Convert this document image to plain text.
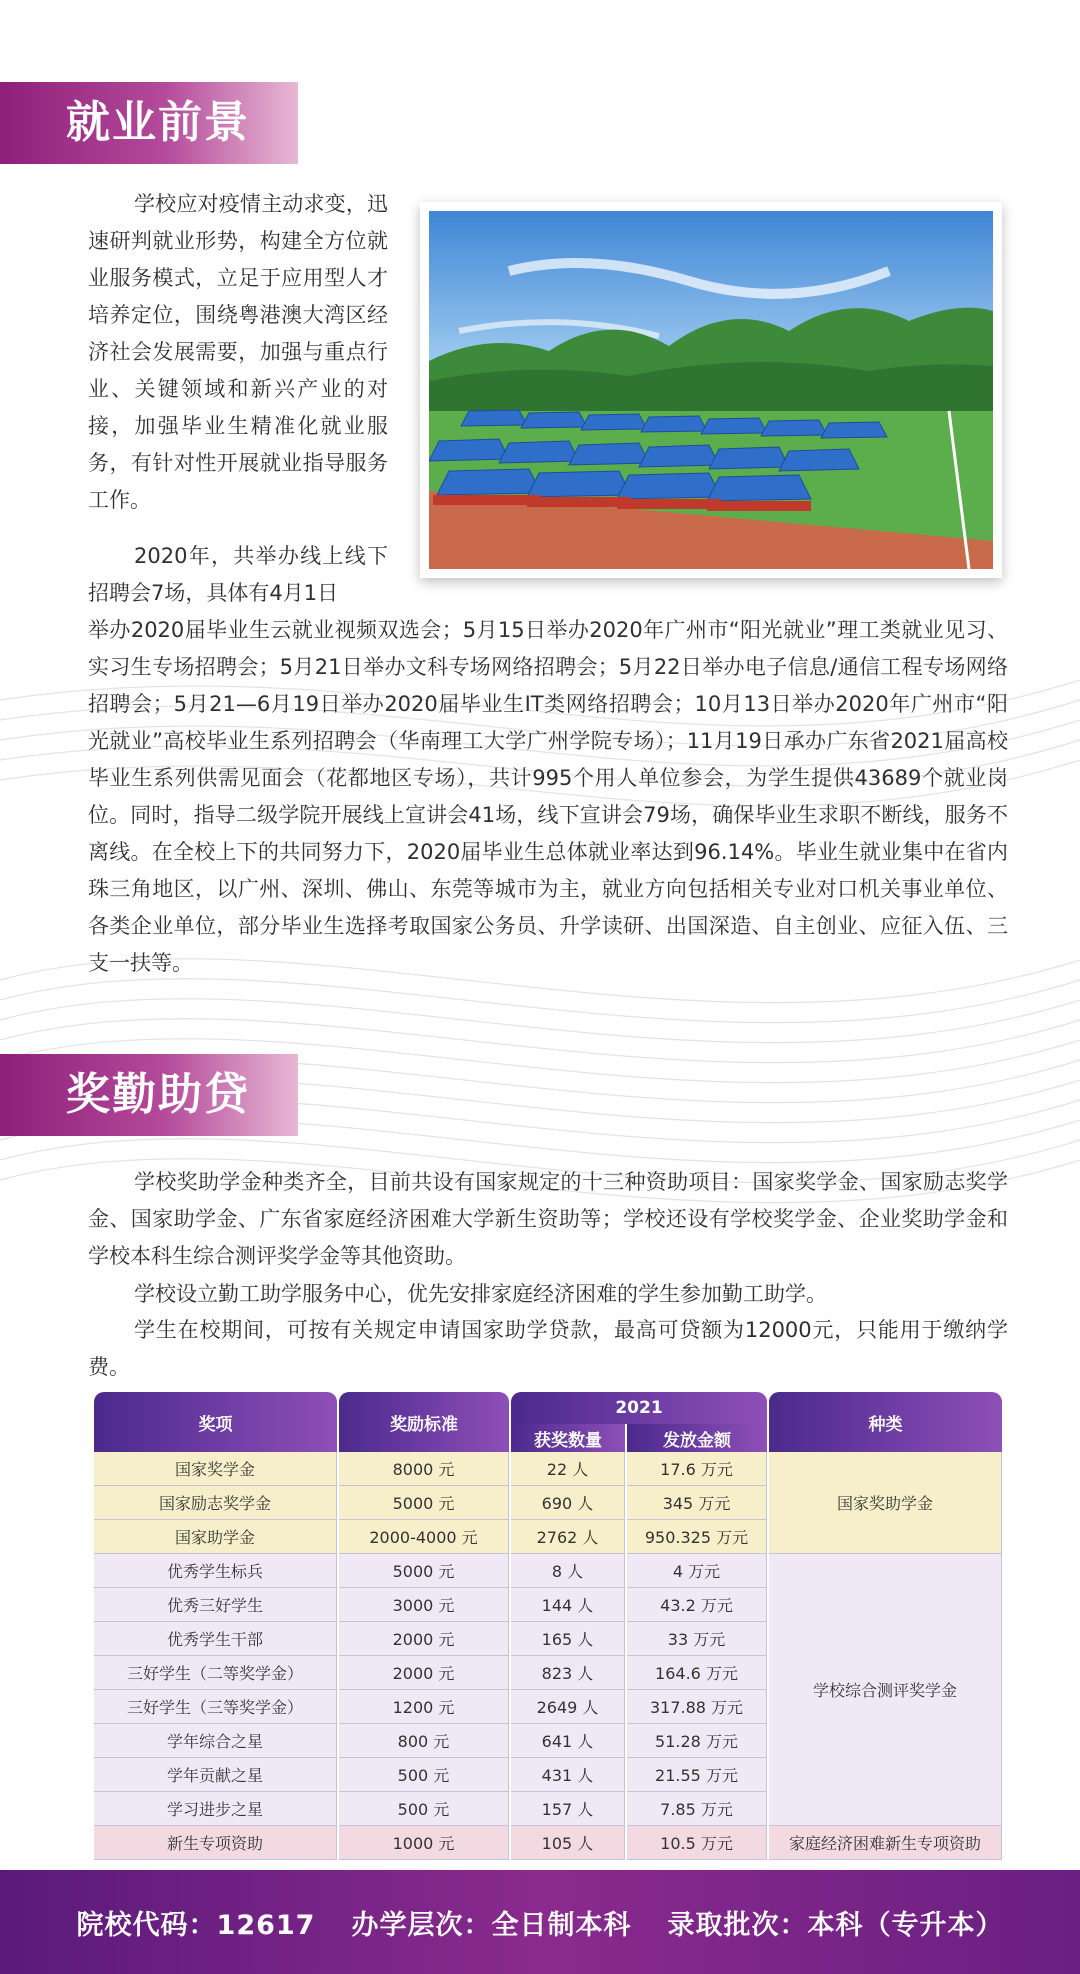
就业前景

学校应对疫情主动求变，迅速研判就业形势，构建全方位就业服务模式，立足于应用型人才培养定位，围绕粤港澳大湾区经济社会发展需要，加强与重点行业、关键领域和新兴产业的对接，加强毕业生精准化就业服务，有针对性开展就业指导服务工作。

2020年，共举办线上线下招聘会7场，具体有4月1日
举办2020届毕业生云就业视频双选会；5月15日举办2020年广州市“阳光就业”理工类就业见习、实习生专场招聘会；5月21日举办文科专场网络招聘会；5月22日举办电子信息/通信工程专场网络招聘会；5月21—6月19日举办2020届毕业生IT类网络招聘会；10月13日举办2020年广州市“阳光就业”高校毕业生系列招聘会（华南理工大学广州学院专场）；11月19日承办广东省2021届高校毕业生系列供需见面会（花都地区专场），共计995个用人单位参会，为学生提供43689个就业岗位。同时，指导二级学院开展线上宣讲会41场，线下宣讲会79场，确保毕业生求职不断线，服务不离线。在全校上下的共同努力下，2020届毕业生总体就业率达到96.14%。毕业生就业集中在省内珠三角地区，以广州、深圳、佛山、东莞等城市为主，就业方向包括相关专业对口机关事业单位、各类企业单位，部分毕业生选择考取国家公务员、升学读研、出国深造、自主创业、应征入伍、三支一扶等。

奖勤助贷

学校奖助学金种类齐全，目前共设有国家规定的十三种资助项目：国家奖学金、国家励志奖学金、国家助学金、广东省家庭经济困难大学新生资助等；学校还设有学校奖学金、企业奖助学金和学校本科生综合测评奖学金等其他资助。

学校设立勤工助学服务中心，优先安排家庭经济困难的学生参加勤工助学。

学生在校期间，可按有关规定申请国家助学贷款，最高可贷额为12000元，只能用于缴纳学费。

奖项	奖励标准	2021		种类
		获奖数量	发放金额	
国家奖学金	8000 元	22 人	17.6 万元	国家奖助学金
国家励志奖学金	5000 元	690 人	345 万元	
国家助学金	2000-4000 元	2762 人	950.325 万元	
优秀学生标兵	5000 元	8 人	4 万元	学校综合测评奖学金
优秀三好学生	3000 元	144 人	43.2 万元	
优秀学生干部	2000 元	165 人	33 万元	
三好学生（二等奖学金）	2000 元	823 人	164.6 万元	
三好学生（三等奖学金）	1200 元	2649 人	317.88 万元	
学年综合之星	800 元	641 人	51.28 万元	
学年贡献之星	500 元	431 人	21.55 万元	
学习进步之星	500 元	157 人	7.85 万元	
新生专项资助	1000 元	105 人	10.5 万元	家庭经济困难新生专项资助
院校代码：12617 办学层次：全日制本科 录取批次：本科（专升本）
